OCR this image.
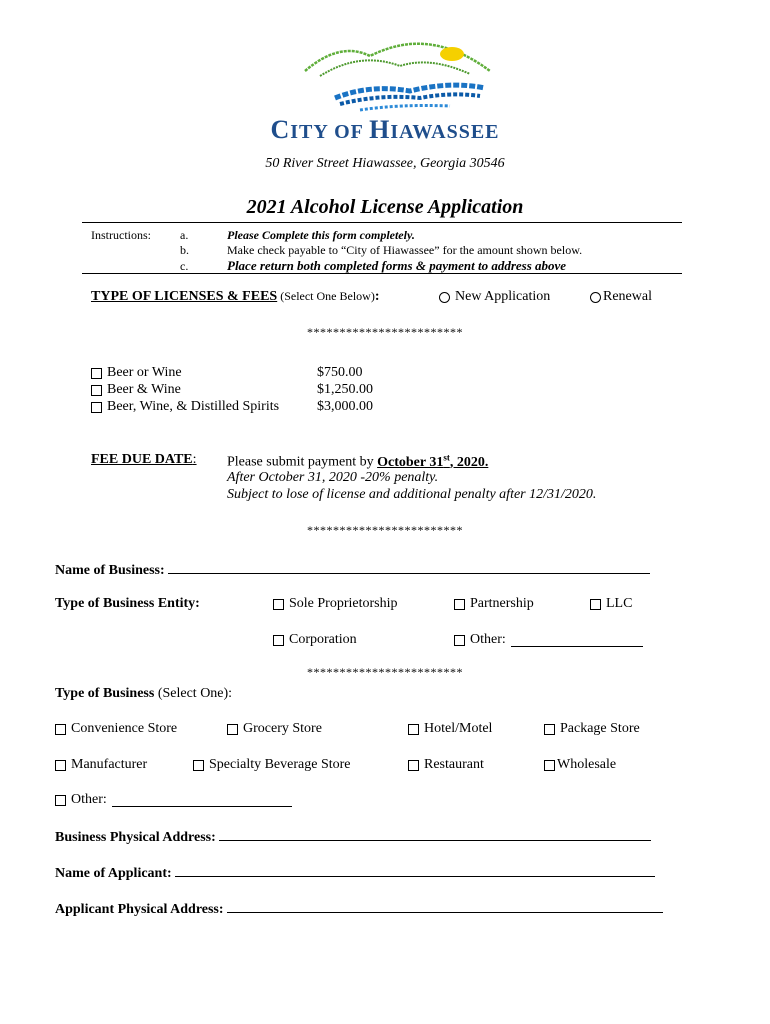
CITY OF HIAWASSEE
50 River Street Hiawassee, Georgia 30546
2021 Alcohol License Application
Instructions: a.	Please Complete this form completely.
b.	Make check payable to “City of Hiawassee” for the amount shown below.
c.	Place return both completed forms & payment to address above
TYPE OF LICENSES & FEES (Select One Below):	New Application	Renewal
************************
Beer or Wine	$750.00
Beer & Wine	$1,250.00
Beer, Wine, & Distilled Spirits	$3,000.00
FEE DUE DATE: Please submit payment by October 31st, 2020.
After October 31, 2020 -20% penalty.
Subject to lose of license and additional penalty after 12/31/2020.
************************
Name of Business:
Type of Business Entity:	Sole Proprietorship	Partnership	LLC
Corporation	Other:
************************
Type of Business (Select One):
Convenience Store	Grocery Store	Hotel/Motel	Package Store
Manufacturer	Specialty Beverage Store	Restaurant	Wholesale
Other:
Business Physical Address:
Name of Applicant:
Applicant Physical Address:
